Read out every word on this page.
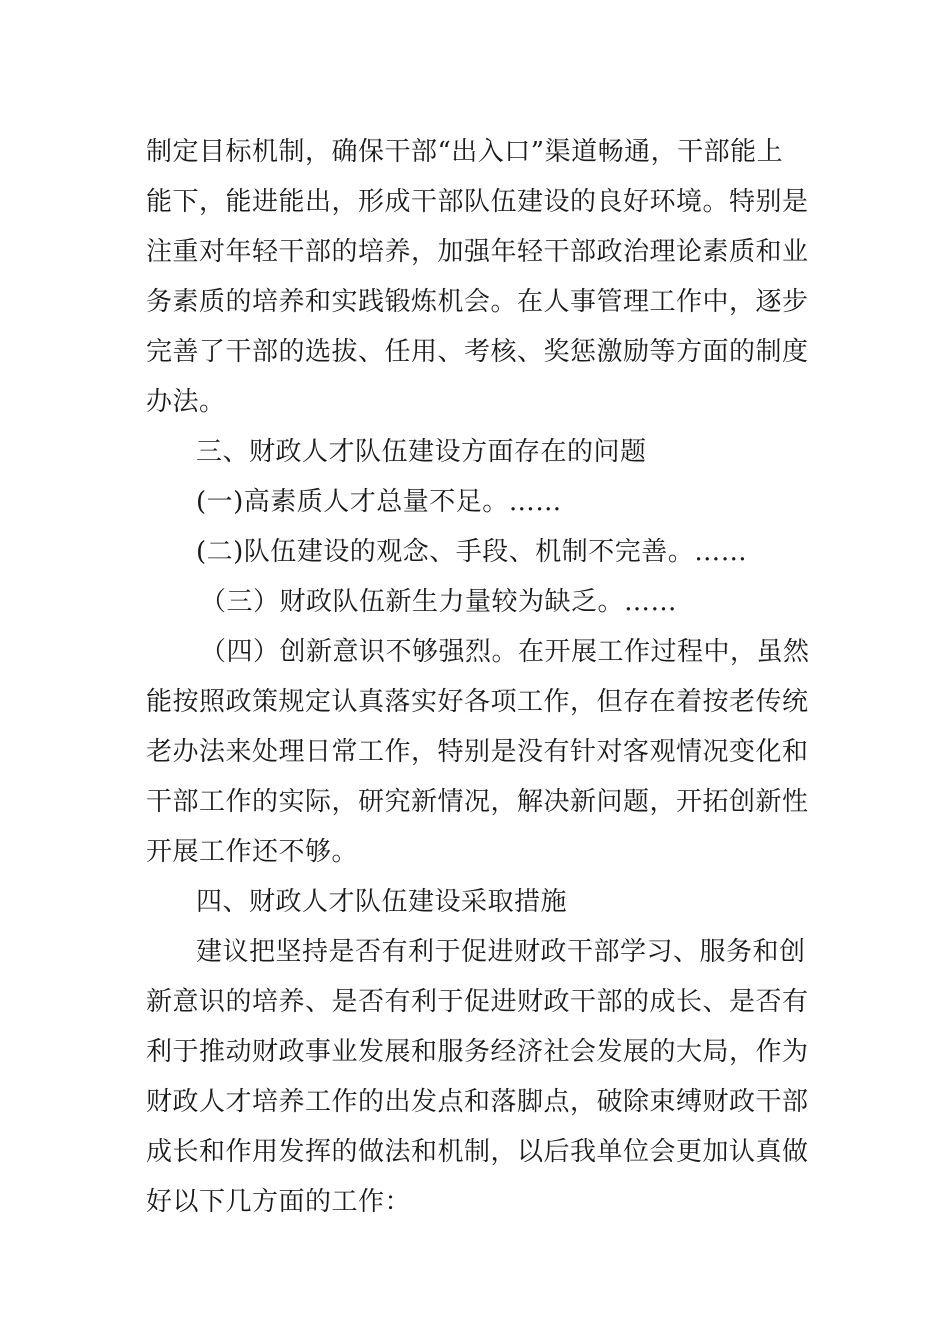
制定目标机制，确保干部“出入口”渠道畅通，干部能上
能下，能进能出，形成干部队伍建设的良好环境。特别是
注重对年轻干部的培养，加强年轻干部政治理论素质和业
务素质的培养和实践锻炼机会。在人事管理工作中，逐步
完善了干部的选拔、任用、考核、奖惩激励等方面的制度
办法。
三、财政人才队伍建设方面存在的问题
(一)高素质人才总量不足。……
(二)队伍建设的观念、手段、机制不完善。……
（三）财政队伍新生力量较为缺乏。……
（四）创新意识不够强烈。在开展工作过程中，虽然
能按照政策规定认真落实好各项工作，但存在着按老传统
老办法来处理日常工作，特别是没有针对客观情况变化和
干部工作的实际，研究新情况，解决新问题，开拓创新性
开展工作还不够。
四、财政人才队伍建设采取措施
建议把坚持是否有利于促进财政干部学习、服务和创
新意识的培养、是否有利于促进财政干部的成长、是否有
利于推动财政事业发展和服务经济社会发展的大局，作为
财政人才培养工作的出发点和落脚点，破除束缚财政干部
成长和作用发挥的做法和机制，以后我单位会更加认真做
好以下几方面的工作：
